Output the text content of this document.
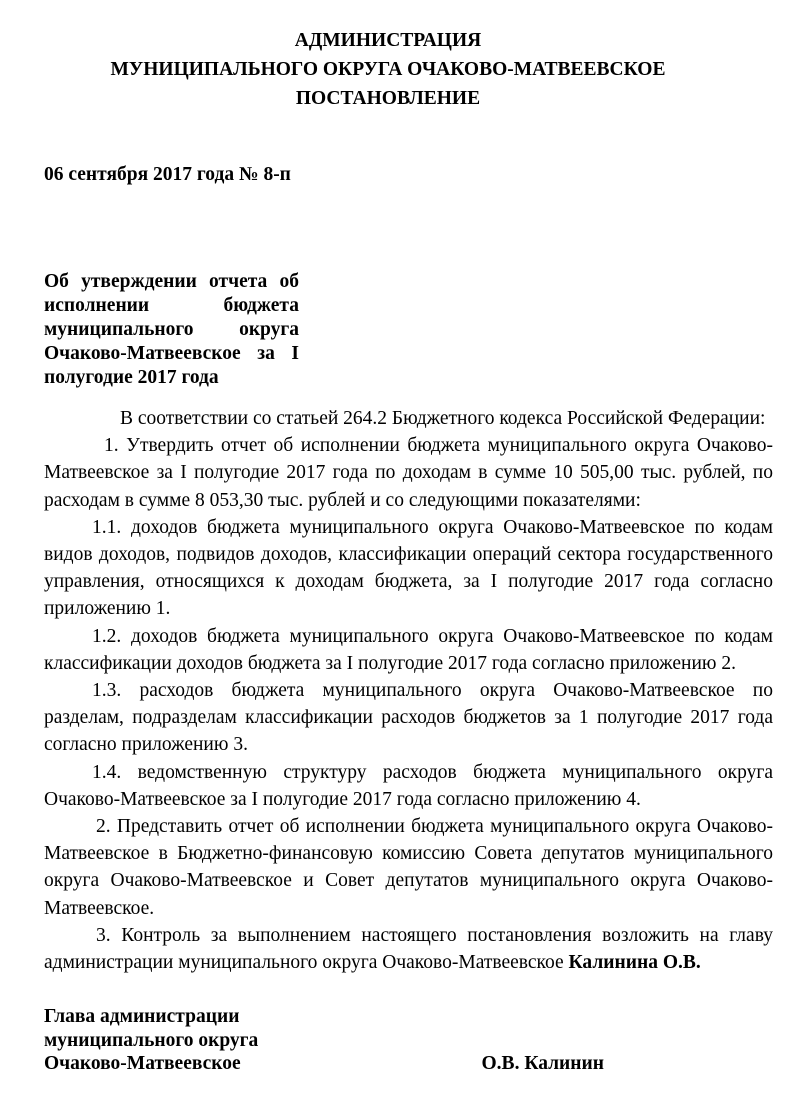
АДМИНИСТРАЦИЯ
МУНИЦИПАЛЬНОГО ОКРУГА ОЧАКОВО-МАТВЕЕВСКОЕ
ПОСТАНОВЛЕНИЕ
06 сентября 2017 года № 8-п
Об утверждении отчета об
исполнении	бюджета
муниципального округа
Очаково-Матвеевское за I
полугодие 2017 года

В соответствии со статьей 264.2 Бюджетного кодекса Российской Федерации:

1. Утвердить отчет об исполнении бюджета муниципального округа Очаково-Матвеевское за I полугодие 2017 года по доходам в сумме 10 505,00 тыс. рублей, по расходам в сумме 8 053,30 тыс. рублей и со следующими показателями:

1.1. доходов бюджета муниципального округа Очаково-Матвеевское по кодам видов доходов, подвидов доходов, классификации операций сектора государственного управления, относящихся к доходам бюджета, за I полугодие 2017 года согласно приложению 1.

1.2. доходов бюджета муниципального округа Очаково-Матвеевское по кодам классификации доходов бюджета за I полугодие 2017 года согласно приложению 2.

1.3. расходов бюджета муниципального округа Очаково-Матвеевское по разделам, подразделам классификации расходов бюджетов за 1 полугодие 2017 года согласно приложению 3.

1.4. ведомственную структуру расходов бюджета муниципального округа Очаково-Матвеевское за I полугодие 2017 года согласно приложению 4.

2. Представить отчет об исполнении бюджета муниципального округа Очаково-Матвеевское в Бюджетно-финансовую комиссию Совета депутатов муниципального округа Очаково-Матвеевское и Совет депутатов муниципального округа Очаково-Матвеевское.

3. Контроль за выполнением настоящего постановления возложить на главу администрации муниципального округа Очаково-Матвеевское Калинина О.В.

Глава администрации
муниципального округа
Очаково-Матвеевское	О.В. Калинин
